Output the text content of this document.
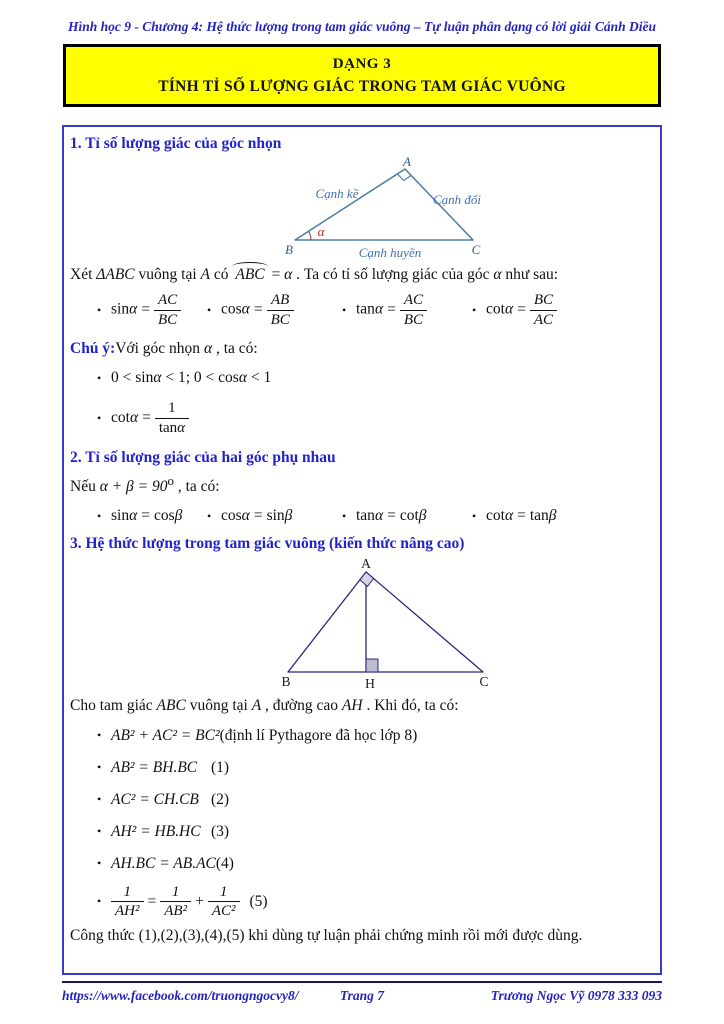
Hình học 9 - Chương 4: Hệ thức lượng trong tam giác vuông – Tự luận phân dạng có lời giải Cánh Diều
DẠNG 3
TÍNH TỈ SỐ LƯỢNG GIÁC TRONG TAM GIÁC VUÔNG
1. Tỉ số lượng giác của góc nhọn
Cạnh kề	Cạnh đối
Cạnh huyền
A
B	C
α
Xét ΔABC vuông tại A có ABC = α . Ta có tỉ số lượng giác của góc α như sau:
• $\sin\alpha = \frac{AC}{BC}$ • $\cos\alpha = \frac{AB}{BC}$	• $\tan\alpha = \frac{AC}{BC}$	• $\cot\alpha = \frac{BC}{AC}$
Chú ý:Với góc nhọn α , ta có:
• 0 < sinα < 1; 0 < cosα < 1
• $\cot \alpha = \frac{1}{\tan\alpha}$
2. Tỉ số lượng giác của hai góc phụ nhau
Nếu $\alpha + \beta = 90^o$ , ta có:
• sinα = cosβ	• cosα = sinβ	• tanα = cotβ	• cotα = tanβ
3. Hệ thức lượng trong tam giác vuông (kiến thức nâng cao)
A
B	H	C
Cho tam giác ABC vuông tại A , đường cao AH . Khi đó, ta có:
• AB² + AC² = BC² (định lí Pythagore đã học lớp 8)
• AB² = BH.BC (1)
• AC² = CH.CB (2)
• AH² = HB.HC (3)
• AH.BC = AB.AC (4)
• $\frac{1}{\text{AH²}} = \frac{1}{\text{AB²}} + \frac{1}{\text{AC²}} (5)$
Công thức (1),(2),(3),(4),(5) khi dùng tự luận phải chứng minh rồi mới được dùng.
https://www.facebook.com/truongngocvy8/	Trang 7	Trương Ngọc Vỹ 0978 333 093
